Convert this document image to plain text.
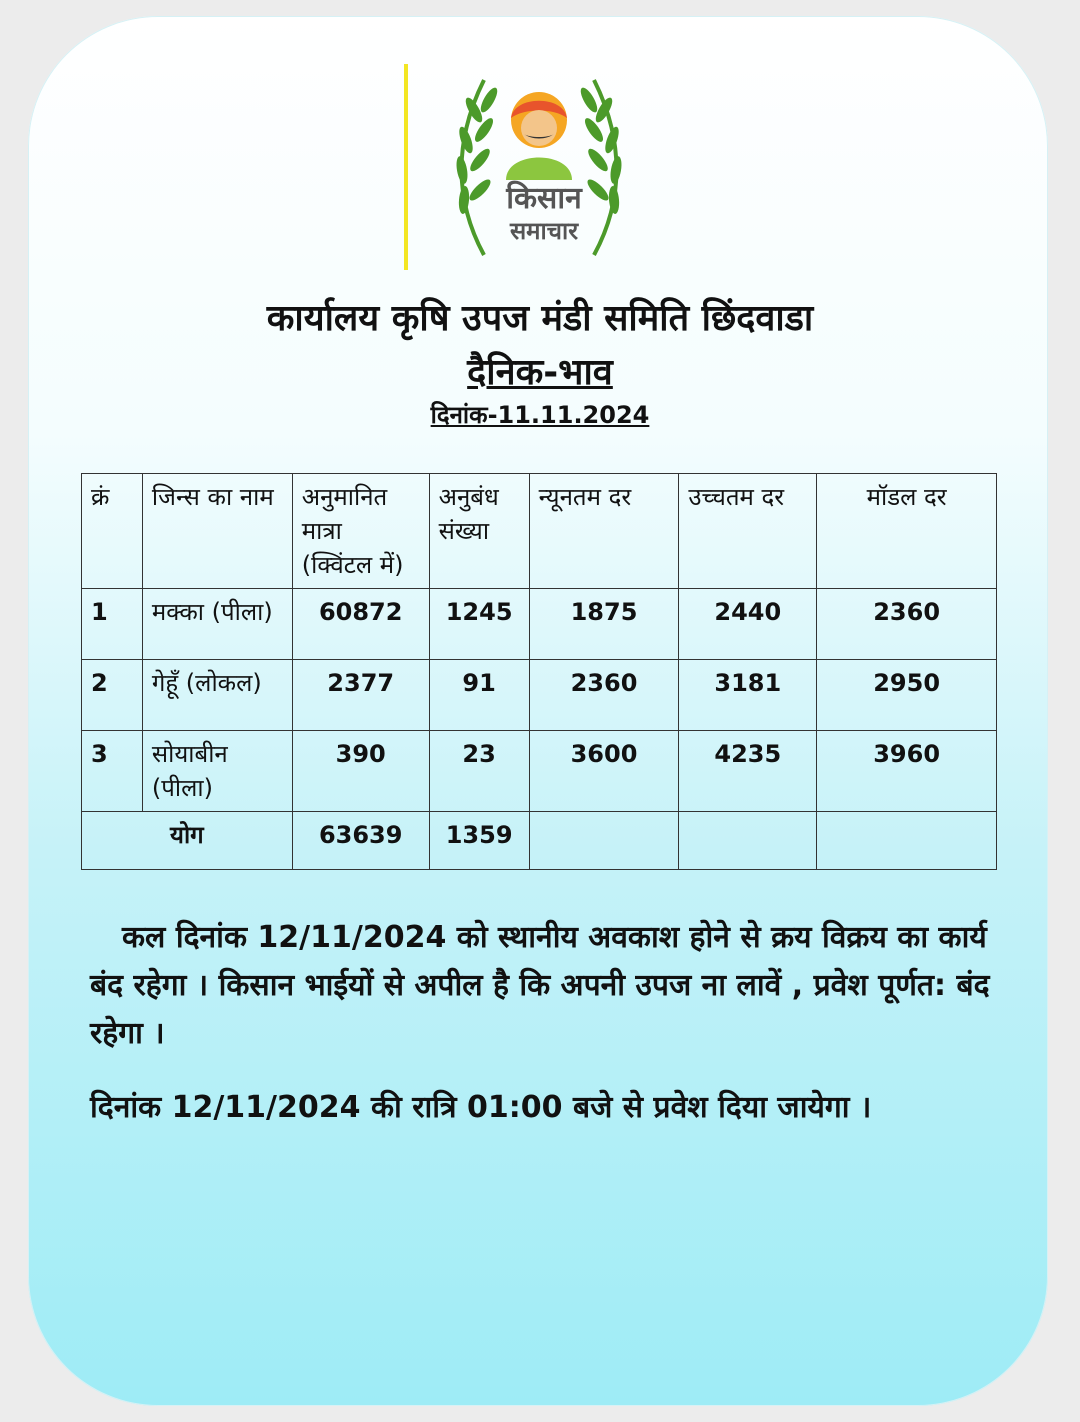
किसान
समाचार
कार्यालय कृषि उपज मंडी समिति छिंदवाडा
दैनिक-भाव
दिनांक-11.11.2024
क्रं	जिन्स का नाम	अनुमानित मात्रा (क्विंटल में)	अनुबंध संख्या	न्यूनतम दर	उच्चतम दर	मॉडल दर
1	मक्का (पीला)	60872	1245	1875	2440	2360
2	गेहूँ (लोकल)	2377	91	2360	3181	2950
3	सोयाबीन (पीला)	390	23	3600	4235	3960
योग		63639	1359			
कल दिनांक 12/11/2024 को स्थानीय अवकाश होने से क्रय विक्रय का कार्य बंद रहेगा । किसान भाईयों से अपील है कि अपनी उपज ना लावें , प्रवेश पूर्णत: बंद रहेगा ।
दिनांक 12/11/2024 की रात्रि 01:00 बजे से प्रवेश दिया जायेगा ।
